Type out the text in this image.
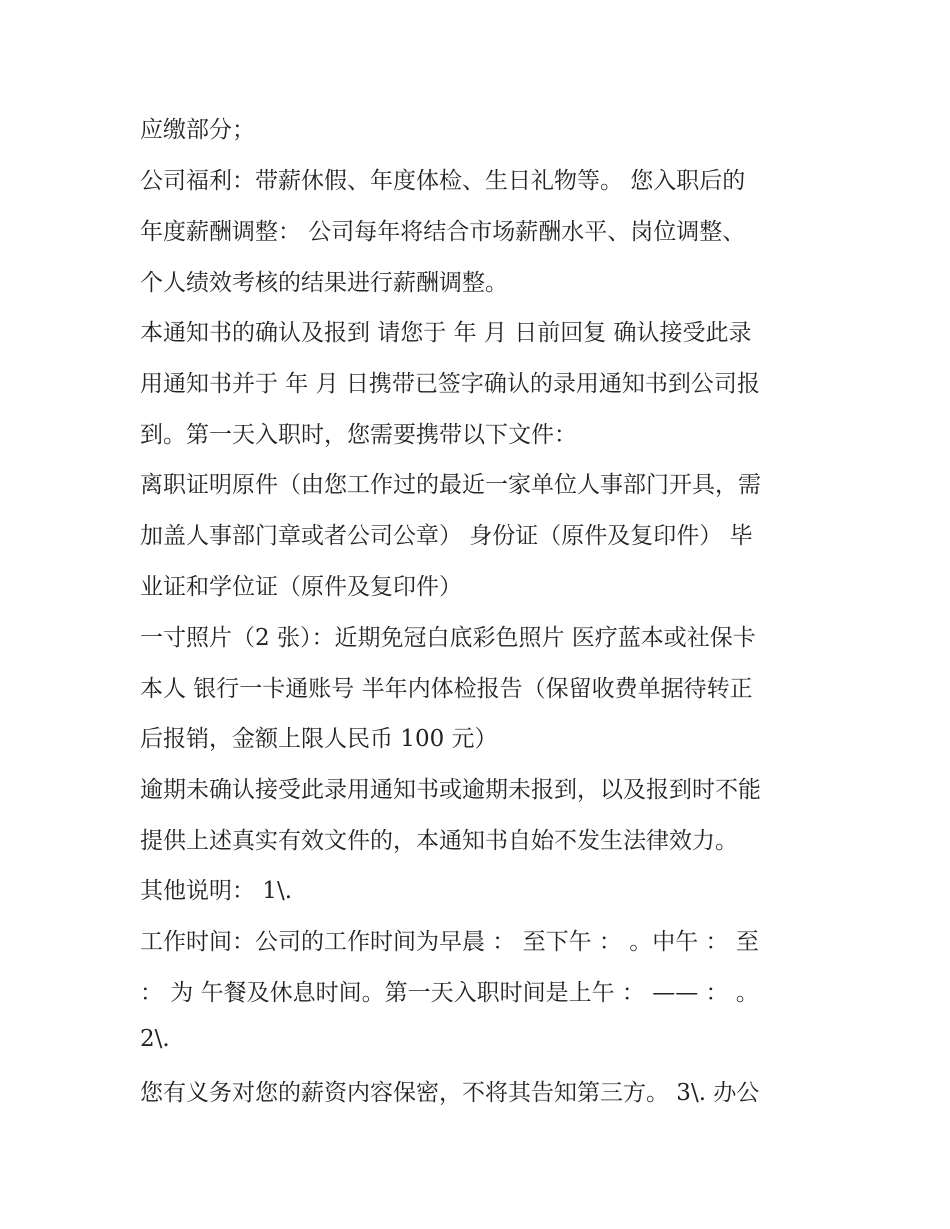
应缴部分；
公司福利：带薪休假、年度体检、生日礼物等。 您入职后的
年度薪酬调整： 公司每年将结合市场薪酬水平、岗位调整、
个人绩效考核的结果进行薪酬调整。
本通知书的确认及报到 请您于 年 月 日前回复 确认接受此录
用通知书并于 年 月 日携带已签字确认的录用通知书到公司报
到。第一天入职时，您需要携带以下文件：
离职证明原件（由您工作过的最近一家单位人事部门开具，需
加盖人事部门章或者公司公章） 身份证（原件及复印件） 毕
业证和学位证（原件及复印件）
一寸照片（2 张）：近期免冠白底彩色照片 医疗蓝本或社保卡
本人 银行一卡通账号 半年内体检报告（保留收费单据待转正
后报销，金额上限人民币 100 元）
逾期未确认接受此录用通知书或逾期未报到，以及报到时不能
提供上述真实有效文件的，本通知书自始不发生法律效力。
其他说明： 1\.
工作时间：公司的工作时间为早晨 ： 至下午 ： 。中午 ： 至
： 为 午餐及休息时间。第一天入职时间是上午 ： —— ： 。
2\.
您有义务对您的薪资内容保密，不将其告知第三方。 3\. 办公
